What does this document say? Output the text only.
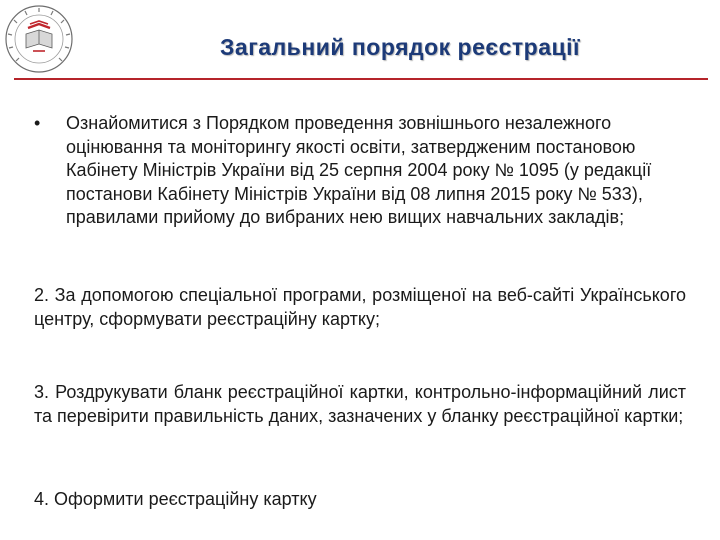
Загальний порядок реєстрації
• Ознайомитися з Порядком проведення зовнішнього незалежного оцінювання та моніторингу якості освіти, затвердженим постановою Кабінету Міністрів України від 25 серпня 2004 року № 1095 (у редакції постанови Кабінету Міністрів України від 08 липня 2015 року № 533), правилами прийому до вибраних нею вищих навчальних закладів;
2. За допомогою спеціальної програми, розміщеної на веб-сайті Українського центру, сформувати реєстраційну картку;
3. Роздрукувати бланк реєстраційної картки, контрольно-інформаційний лист та перевірити правильність даних, зазначених у бланку реєстраційної картки;
4. Оформити реєстраційну картку
